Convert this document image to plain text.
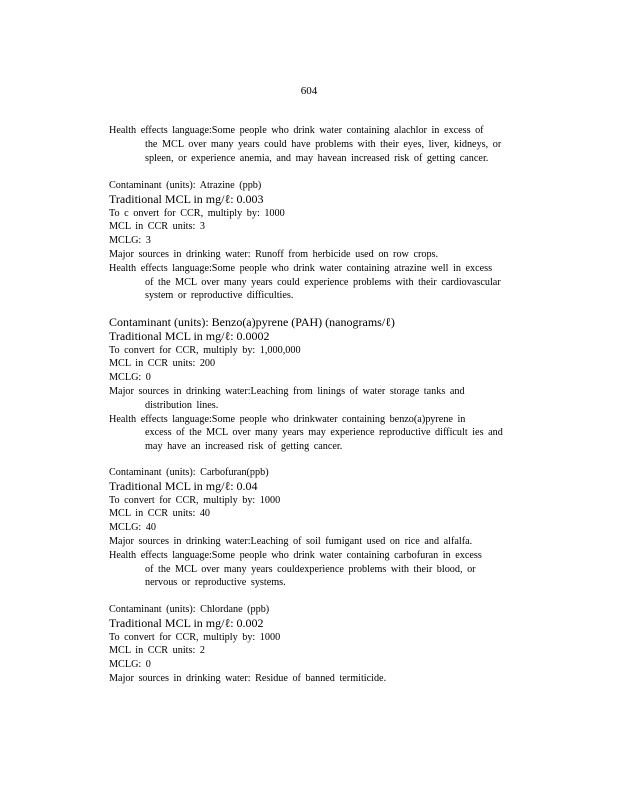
604
Health effects language:Some people who drink water containing alachlor in excess of
the MCL over many years could have problems with their eyes, liver, kidneys, or
spleen, or experience anemia, and may havean increased risk of getting cancer.
Contaminant (units): Atrazine (ppb)
Traditional MCL in mg/ℓ: 0.003
To c onvert for CCR, multiply by: 1000
MCL in CCR units: 3
MCLG: 3
Major sources in drinking water: Runoff from herbicide used on row crops.
Health effects language:Some people who drink water containing atrazine well in excess
of the MCL over many years could experience problems with their cardiovascular
system or reproductive difficulties.
Contaminant (units): Benzo(a)pyrene (PAH) (nanograms/ℓ)
Traditional MCL in mg/ℓ: 0.0002
To convert for CCR, multiply by: 1,000,000
MCL in CCR units: 200
MCLG: 0
Major sources in drinking water:Leaching from linings of water storage tanks and
distribution lines.
Health effects language:Some people who drinkwater containing benzo(a)pyrene in
excess of the MCL over many years may experience reproductive difficult ies and
may have an increased risk of getting cancer.
Contaminant (units): Carbofuran(ppb)
Traditional MCL in mg/ℓ: 0.04
To convert for CCR, multiply by: 1000
MCL in CCR units: 40
MCLG: 40
Major sources in drinking water:Leaching of soil fumigant used on rice and alfalfa.
Health effects language:Some people who drink water containing carbofuran in excess
of the MCL over many years couldexperience problems with their blood, or
nervous or reproductive systems.
Contaminant (units): Chlordane (ppb)
Traditional MCL in mg/ℓ: 0.002
To convert for CCR, multiply by: 1000
MCL in CCR units: 2
MCLG: 0
Major sources in drinking water: Residue of banned termiticide.
